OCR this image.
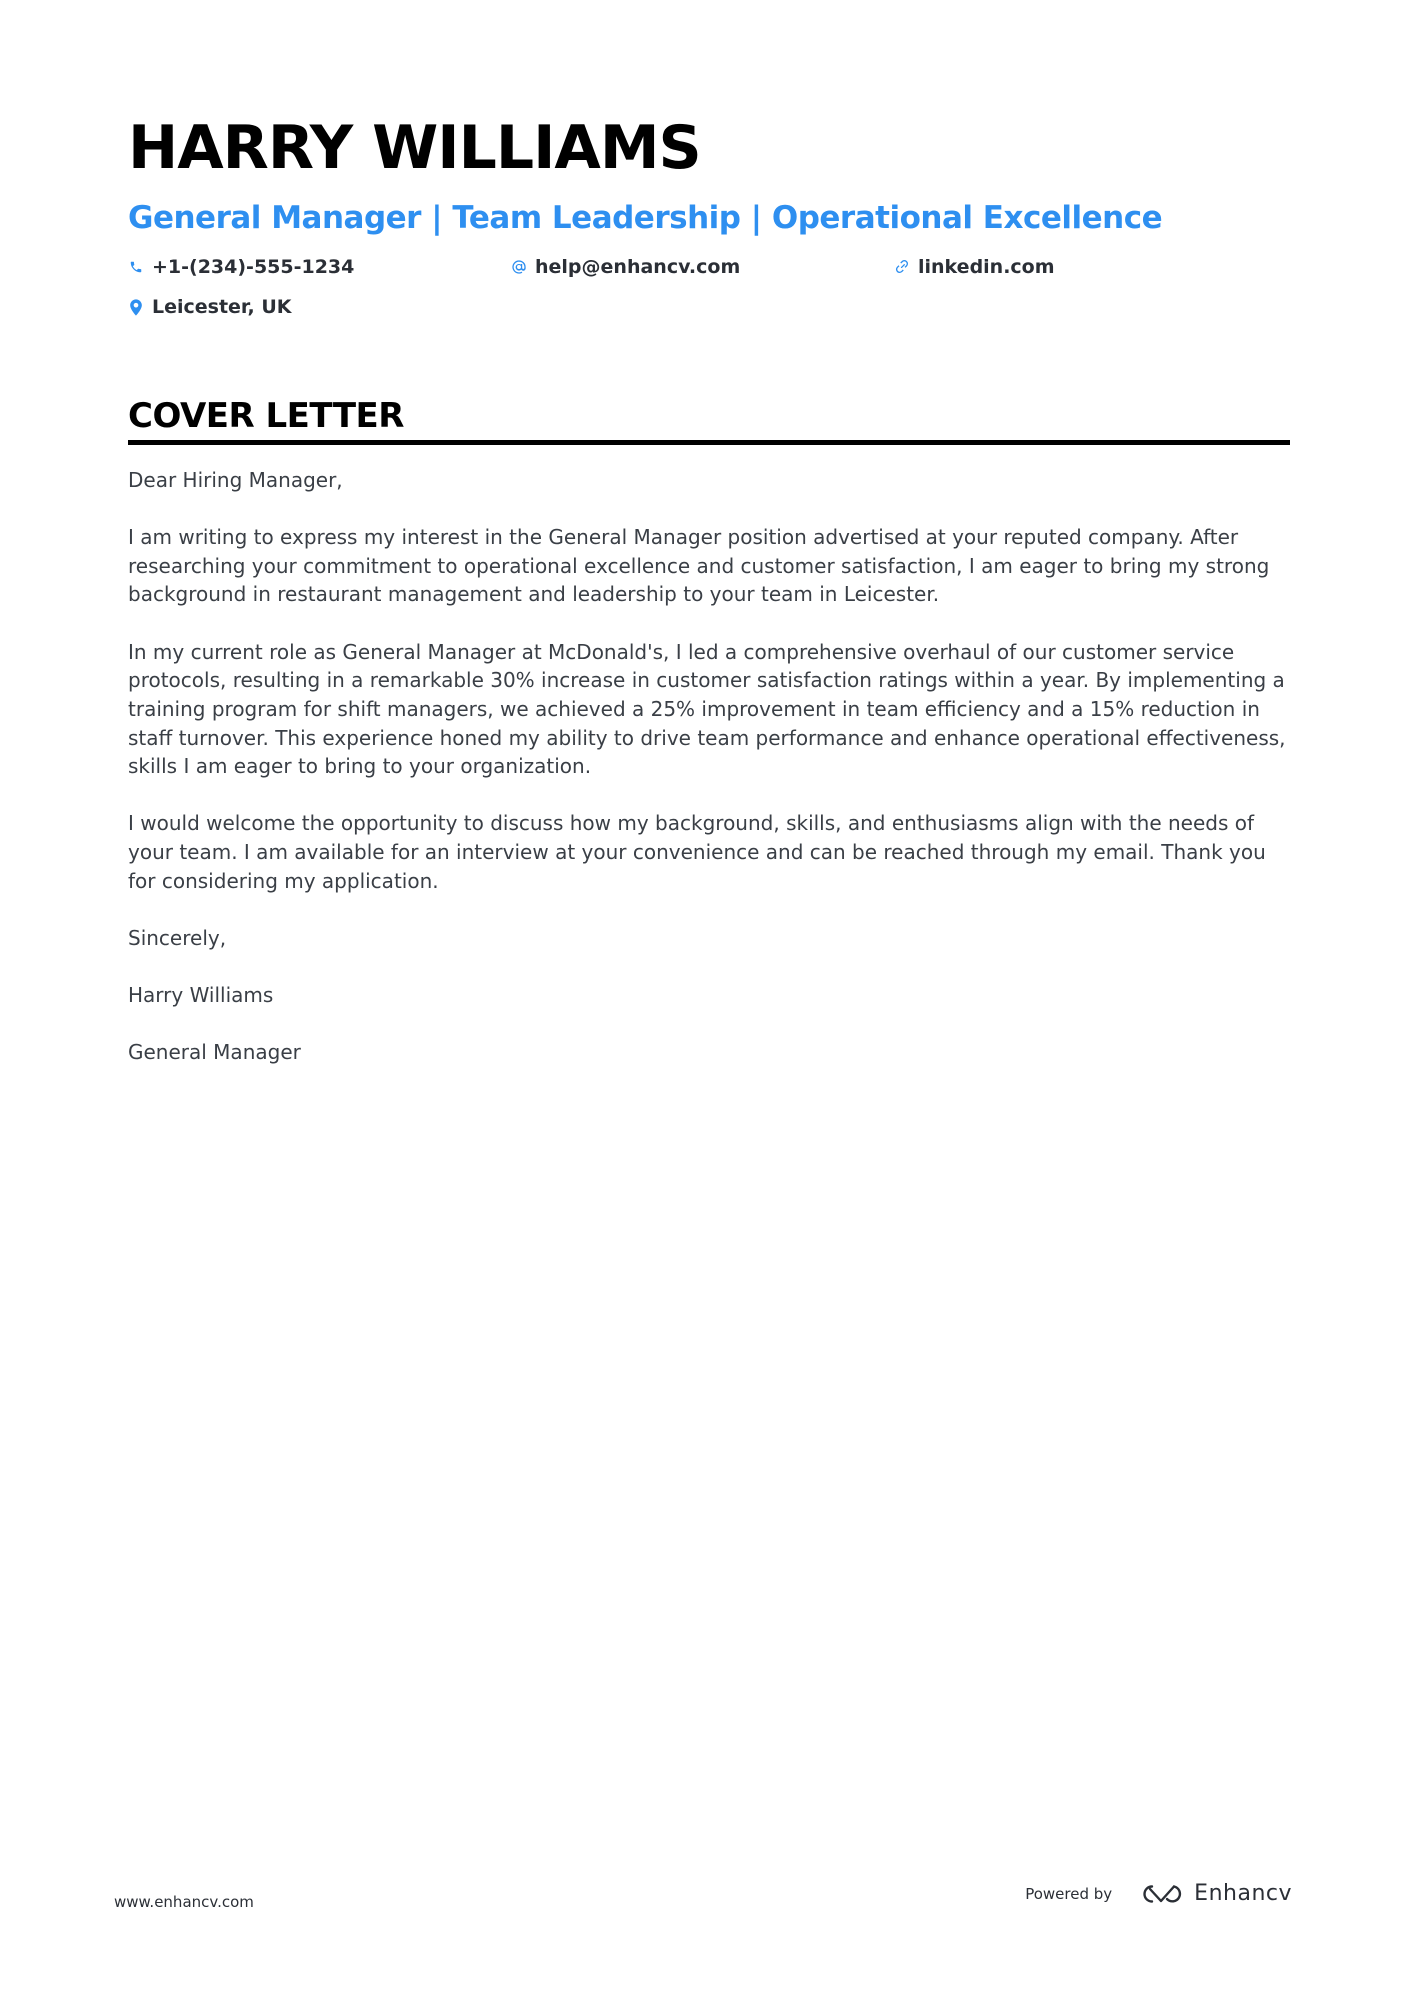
HARRY WILLIAMS
General Manager | Team Leadership | Operational Excellence
+1-(234)-555-1234	help@enhancv.com	linkedin.com
Leicester, UK
COVER LETTER

Dear Hiring Manager,

I am writing to express my interest in the General Manager position advertised at your reputed company. After researching your commitment to operational excellence and customer satisfaction, I am eager to bring my strong background in restaurant management and leadership to your team in Leicester.

In my current role as General Manager at McDonald's, I led a comprehensive overhaul of our customer service protocols, resulting in a remarkable 30% increase in customer satisfaction ratings within a year. By implementing a training program for shift managers, we achieved a 25% improvement in team efficiency and a 15% reduction in staff turnover. This experience honed my ability to drive team performance and enhance operational effectiveness, skills I am eager to bring to your organization.

I would welcome the opportunity to discuss how my background, skills, and enthusiasms align with the needs of your team. I am available for an interview at your convenience and can be reached through my email. Thank you for considering my application.

Sincerely,

Harry Williams

General Manager

www.enhancv.com	Powered by	Enhancv
